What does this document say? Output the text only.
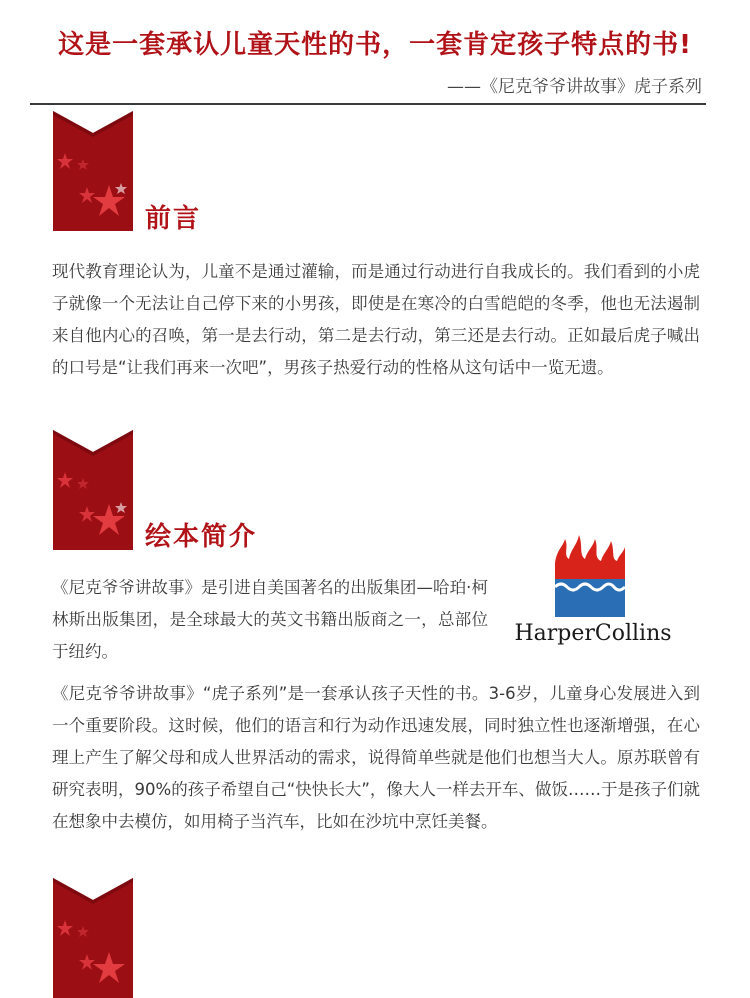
这是一套承认儿童天性的书，一套肯定孩子特点的书!
——《尼克爷爷讲故事》虎子系列
前言

现代教育理论认为，儿童不是通过灌输，而是通过行动进行自我成长的。我们看到的小虎子就像一个无法让自己停下来的小男孩，即使是在寒冷的白雪皑皑的冬季，他也无法遏制来自他内心的召唤，第一是去行动，第二是去行动，第三还是去行动。正如最后虎子喊出的口号是“让我们再来一次吧”，男孩子热爱行动的性格从这句话中一览无遗。

绘本简介

《尼克爷爷讲故事》是引进自美国著名的出版集团—哈珀·柯林斯出版集团，是全球最大的英文书籍出版商之一，总部位于纽约。

HarperCollins

《尼克爷爷讲故事》“虎子系列”是一套承认孩子天性的书。3-6岁，儿童身心发展进入到一个重要阶段。这时候，他们的语言和行为动作迅速发展，同时独立性也逐渐增强，在心理上产生了解父母和成人世界活动的需求，说得简单些就是他们也想当大人。原苏联曾有研究表明，90%的孩子希望自己“快快长大”，像大人一样去开车、做饭……于是孩子们就在想象中去模仿，如用椅子当汽车，比如在沙坑中烹饪美餐。
